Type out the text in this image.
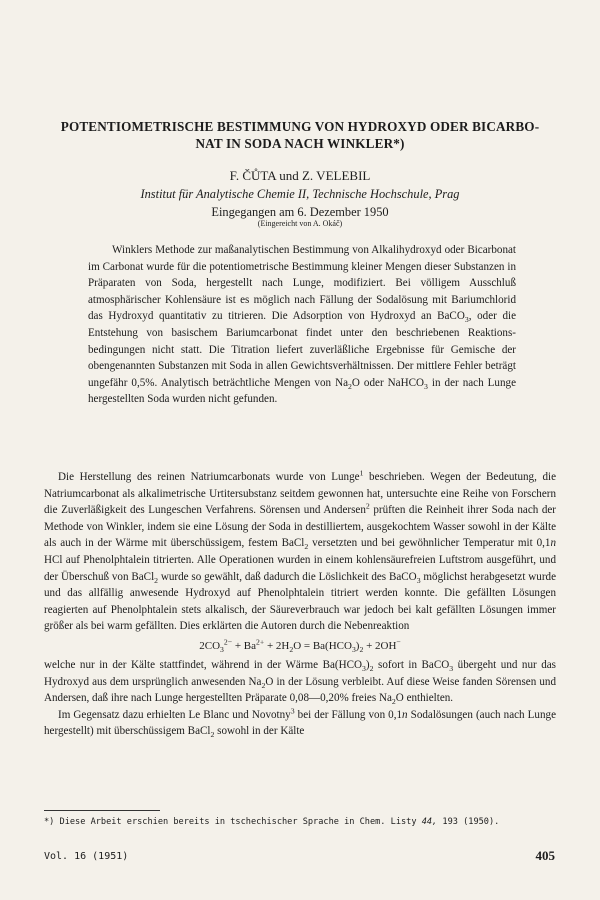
POTENTIOMETRISCHE BESTIMMUNG VON HYDROXYD ODER BICARBO-
NAT IN SODA NACH WINKLER*)
F. ČŮTA und Z. VELEBIL
Institut für Analytische Chemie II, Technische Hochschule, Prag
Eingegangen am 6. Dezember 1950
(Eingereicht von A. Okáč)
Winklers Methode zur maßanalytischen Bestimmung von Alkalihydroxyd oder Bicarbonat im Carbonat wurde für die potentiometrische Bestimmung kleiner Mengen dieser Substanzen in Präparaten von Soda, hergestellt nach Lunge, modifiziert. Bei völligem Ausschluß atmosphärischer Kohlensäure ist es möglich nach Fällung der Sodalösung mit Bariumchlorid das Hydroxyd quantitativ zu titrieren. Die Adsorption von Hydroxyd an BaCO$_3$, oder die Entstehung von basischem Bariumcarbonat findet unter den beschriebenen Reaktionsbedingungen nicht statt. Die Titration liefert zuverläßliche Ergebnisse für Gemische der obengenannten Substanzen mit Soda in allen Gewichtsverhältnissen. Der mittlere Fehler beträgt ungefähr 0,5%. Analytisch beträchtliche Mengen von $Na_2O$ oder NaHCO$_3$ in der nach Lunge hergestellten Soda wurden nicht gefunden.

Die Herstellung des reinen Natriumcarbonats wurde von Lunge$^1$ beschrieben. Wegen der Bedeutung, die Natriumcarbonat als alkalimetrische Urtitersubstanz seitdem gewonnen hat, untersuchte eine Reihe von Forschern die Zuverläßigkeit des Lungeschen Verfahrens. Sörensen und Andersen$^2$ prüften die Reinheit ihrer Soda nach der Methode von Winkler, indem sie eine Lösung der Soda in destilliertem, ausgekochtem Wasser sowohl in der Kälte als auch in der Wärme mit überschüssigem, festem BaCl$_2$ versetzten und bei gewöhnlicher Temperatur mit 0,1n HCl auf Phenolphtalein titrierten. Alle Operationen wurden in einem kohlensäurefreien Luftstrom ausgeführt, und der Überschuß von BaCl$_2$ wurde so gewählt, daß dadurch die Löslichkeit des BaCO$_3$ möglichst herabgesetzt wurde und das allfällig anwesende Hydroxyd auf Phenolphtalein titriert werden konnte. Die gefällten Lösungen reagierten auf Phenolphtalein stets alkalisch, der Säureverbrauch war jedoch bei kalt gefällten Lösungen immer größer als bei warm gefällten. Dies erklärten die Autoren durch die Nebenreaktion

$2CO_3^{2-} + Ba^{2+} + 2H_2O = Ba(HCO_3)_2 + 2OH^-$

welche nur in der Kälte stattfindet, während in der Wärme $Ba(HCO_3)_2$ sofort in BaCO$_3$ übergeht und nur das Hydroxyd aus dem ursprünglich anwesenden $Na_2O$ in der Lösung verbleibt. Auf diese Weise fanden Sörensen und Andersen, daß ihre nach Lunge hergestellten Präparate 0,08—0,20% freies $Na_2O$ enthielten.

Im Gegensatz dazu erhielten Le Blanc und Novotny$^3$ bei der Fällung von 0,1n Sodalösungen (auch nach Lunge hergestellt) mit überschüssigem BaCl$_2$ sowohl in der Kälte

*) Diese Arbeit erschien bereits in tschechischer Sprache in Chem. Listy 44, 193 (1950).
Vol. 16 (1951)	405
